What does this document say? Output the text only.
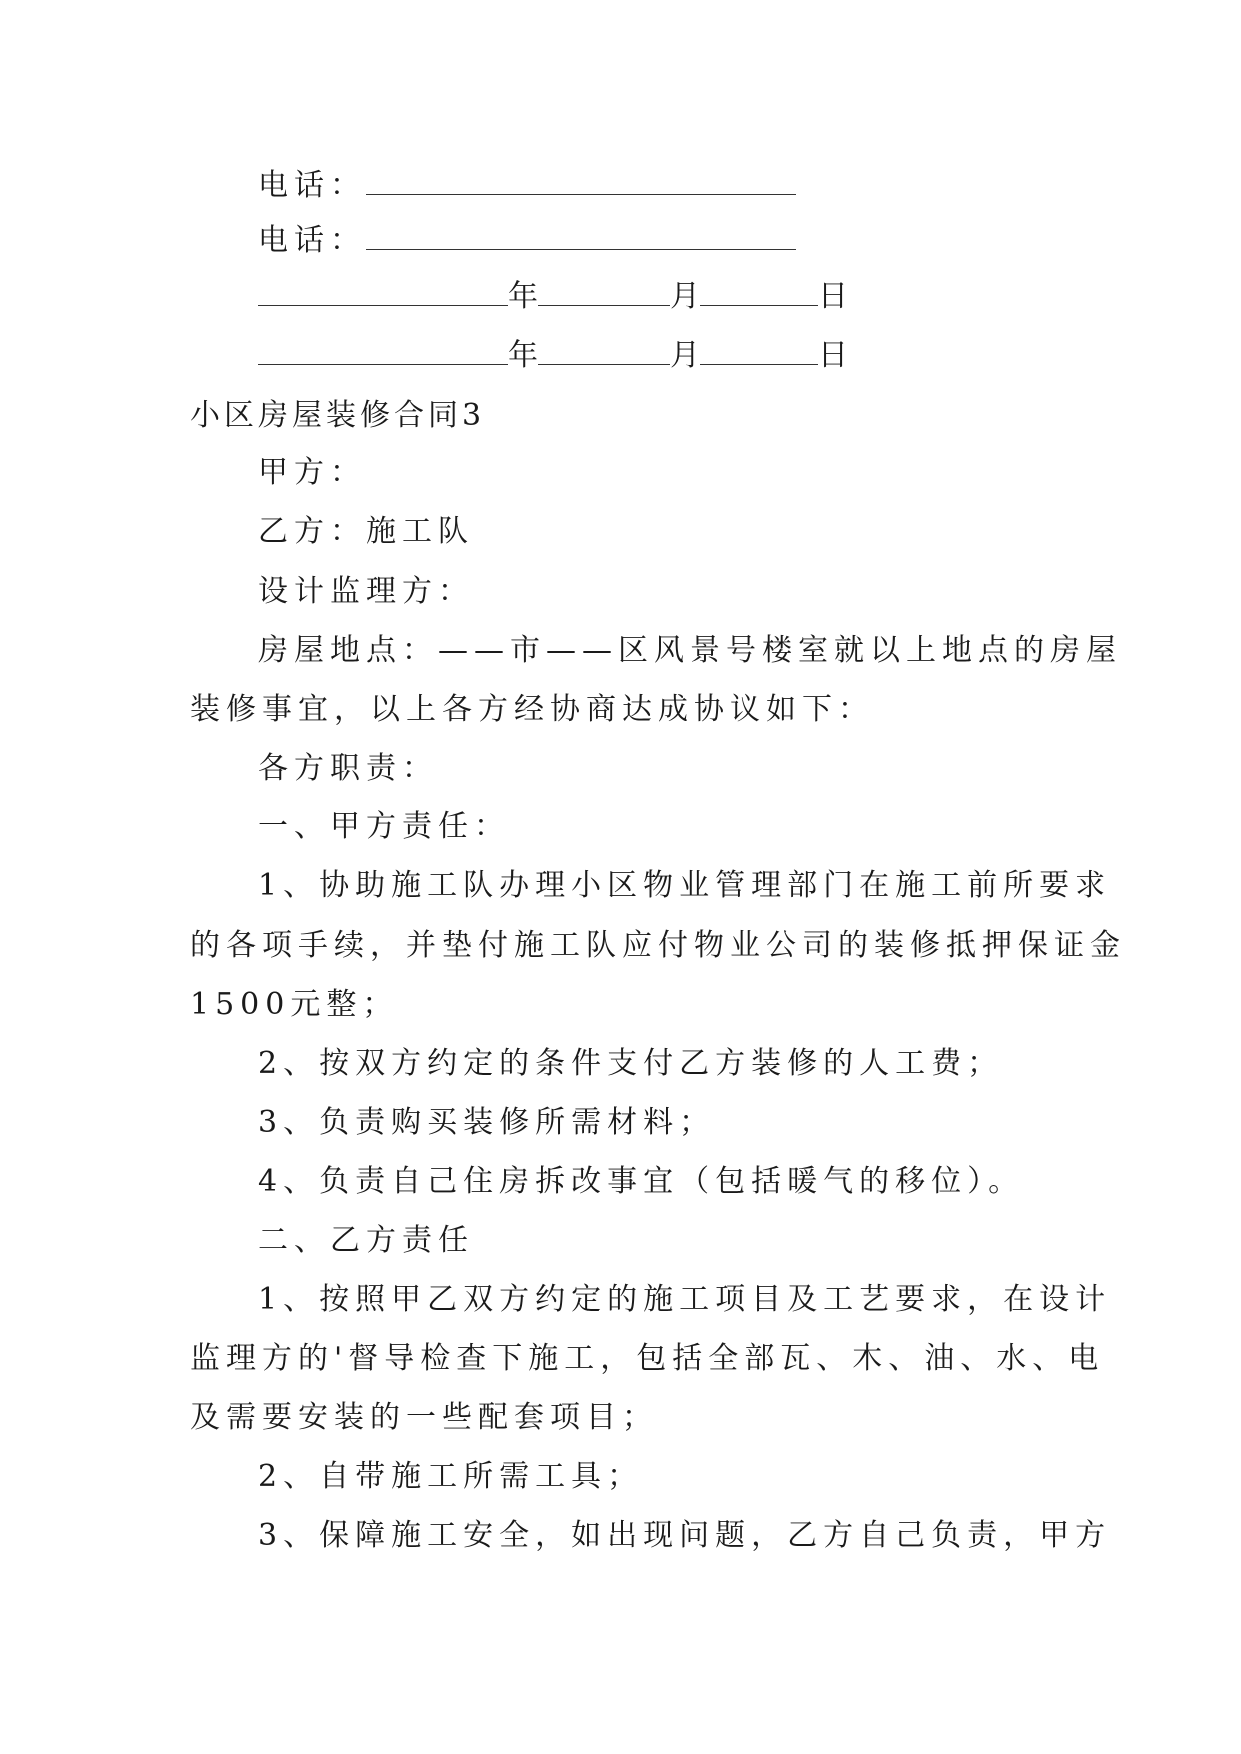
电话：
电话：
年	月	日
年	月	日
小区房屋装修合同3
甲方：
乙方：施工队
设计监理方：
房屋地点：——市——区风景号楼室就以上地点的房屋
装修事宜，以上各方经协商达成协议如下：
各方职责：
一、甲方责任：
1、协助施工队办理小区物业管理部门在施工前所要求
的各项手续，并垫付施工队应付物业公司的装修抵押保证金
1500元整；
2、按双方约定的条件支付乙方装修的人工费；
3、负责购买装修所需材料；
4、负责自己住房拆改事宜（包括暖气的移位）。
二、乙方责任
1、按照甲乙双方约定的施工项目及工艺要求，在设计
监理方的'督导检查下施工，包括全部瓦、木、油、水、电
及需要安装的一些配套项目；
2、自带施工所需工具；
3、保障施工安全，如出现问题，乙方自己负责，甲方
